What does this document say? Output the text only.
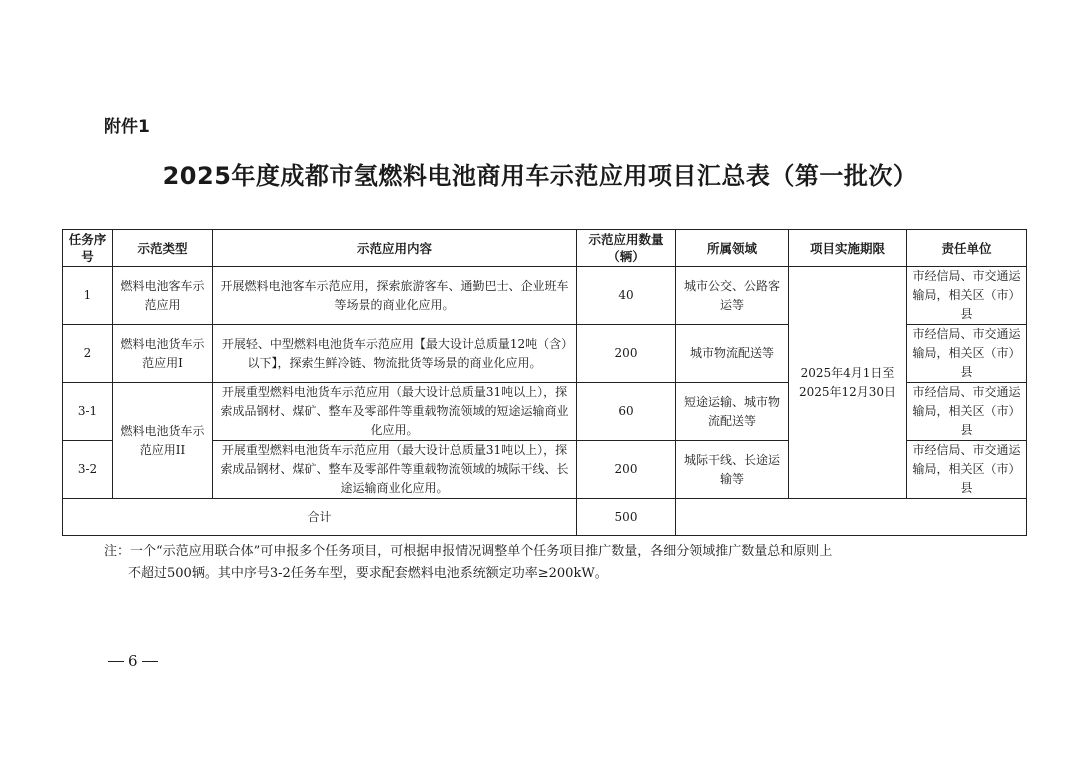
附件1
2025年度成都市氢燃料电池商用车示范应用项目汇总表（第一批次）
任务序号	示范类型	示范应用内容	示范应用数量（辆）	所属领域	项目实施期限	责任单位
1	燃料电池客车示范应用	开展燃料电池客车示范应用，探索旅游客车、通勤巴士、企业班车等场景的商业化应用。	40	城市公交、公路客运等	2025年4月1日至2025年12月30日	市经信局、市交通运输局，相关区（市）县
2	燃料电池货车示范应用I	开展轻、中型燃料电池货车示范应用【最大设计总质量12吨（含）以下】，探索生鲜冷链、物流批货等场景的商业化应用。	200	城市物流配送等		市经信局、市交通运输局，相关区（市）县
3-1	燃料电池货车示范应用II	开展重型燃料电池货车示范应用（最大设计总质量31吨以上），探索成品钢材、煤矿、整车及零部件等重载物流领域的短途运输商业化应用。	60	短途运输、城市物流配送等		市经信局、市交通运输局，相关区（市）县
3-2		开展重型燃料电池货车示范应用（最大设计总质量31吨以上），探索成品钢材、煤矿、整车及零部件等重载物流领域的城际干线、长途运输商业化应用。	200	城际干线、长途运输等		市经信局、市交通运输局，相关区（市）县
合计			500			
注：一个“示范应用联合体”可申报多个任务项目，可根据申报情况调整单个任务项目推广数量，各细分领域推广数量总和原则上
不超过500辆。其中序号3-2任务车型，要求配套燃料电池系统额定功率≥200kW。
6
